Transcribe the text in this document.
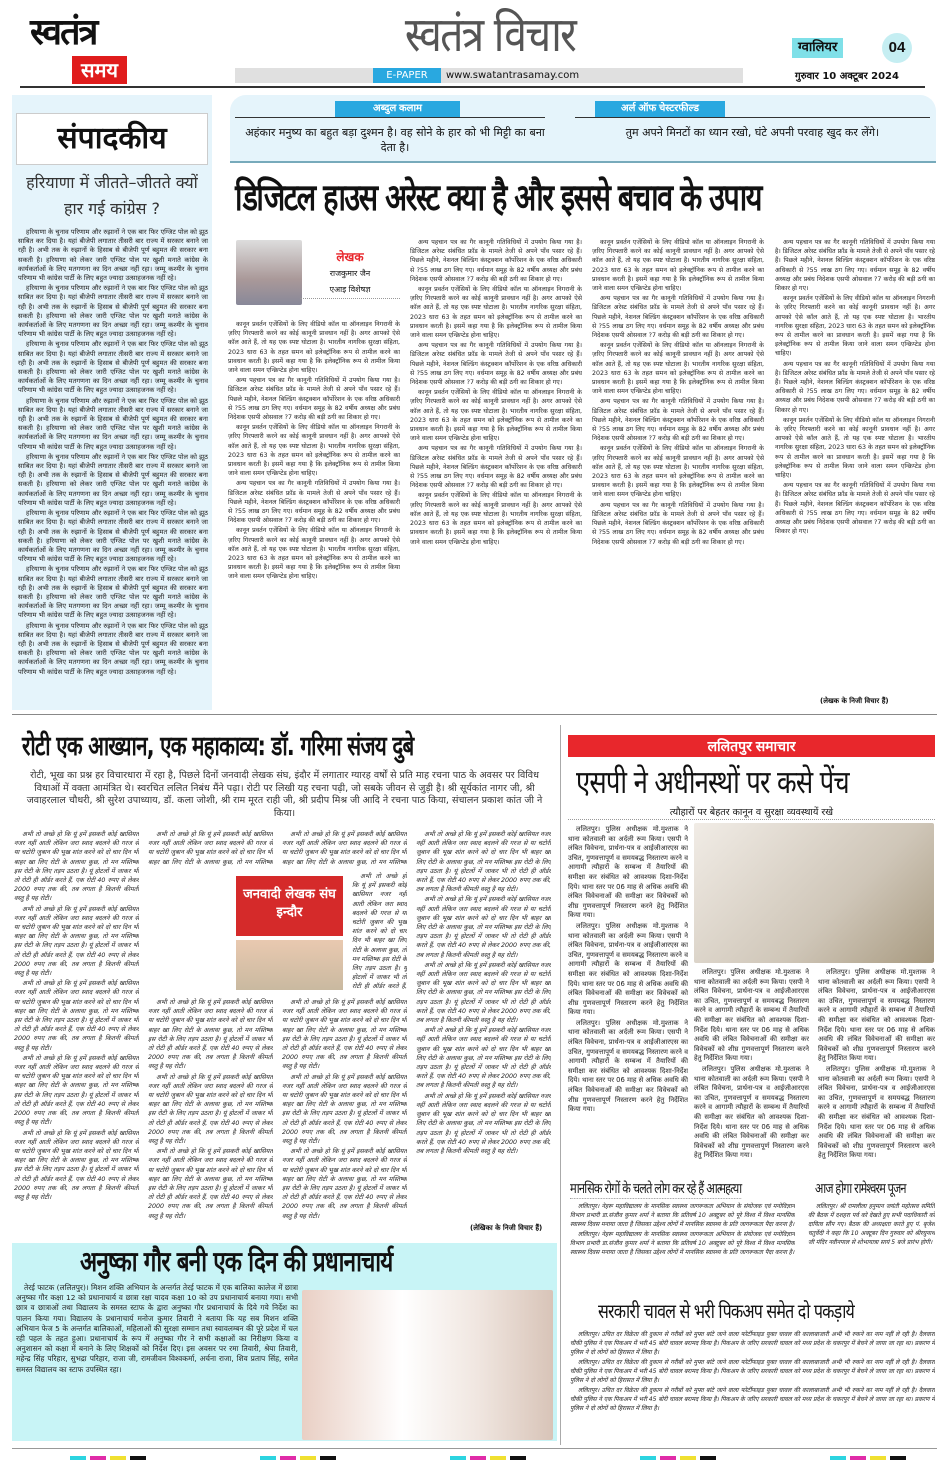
स्वतंत्र
समय
स्वतंत्र विचार
E-PAPER	www.swatantrasamay.com
ग्वालियर	04
गुरुवार 10 अक्टूबर 2024
संपादकीय
हरियाणा में जीतते–जीतते क्यों हार गई कांग्रेस ?

हरियाणा के चुनाव परिणाम और रुझानों ने एक बार फिर एग्जिट पोल को झूठ साबित कर दिया है। यहां बीजेपी लगातार तीसरी बार राज्य में सरकार बनाने जा रही है। अभी तक के रुझानों के हिसाब से बीजेपी पूर्ण बहुमत की सरकार बना सकती है। हरियाणा को लेकर जारी एग्जिट पोल पर खुशी मनाते कांग्रेस के कार्यकर्ताओं के लिए मतगणना का दिन अच्छा नहीं रहा। जम्मू कश्मीर के चुनाव परिणाम भी कांग्रेस पार्टी के लिए बहुत ज्यादा उत्साहजनक नहीं रहे।

हरियाणा के चुनाव परिणाम और रुझानों ने एक बार फिर एग्जिट पोल को झूठ साबित कर दिया है। यहां बीजेपी लगातार तीसरी बार राज्य में सरकार बनाने जा रही है। अभी तक के रुझानों के हिसाब से बीजेपी पूर्ण बहुमत की सरकार बना सकती है। हरियाणा को लेकर जारी एग्जिट पोल पर खुशी मनाते कांग्रेस के कार्यकर्ताओं के लिए मतगणना का दिन अच्छा नहीं रहा। जम्मू कश्मीर के चुनाव परिणाम भी कांग्रेस पार्टी के लिए बहुत ज्यादा उत्साहजनक नहीं रहे।

हरियाणा के चुनाव परिणाम और रुझानों ने एक बार फिर एग्जिट पोल को झूठ साबित कर दिया है। यहां बीजेपी लगातार तीसरी बार राज्य में सरकार बनाने जा रही है। अभी तक के रुझानों के हिसाब से बीजेपी पूर्ण बहुमत की सरकार बना सकती है। हरियाणा को लेकर जारी एग्जिट पोल पर खुशी मनाते कांग्रेस के कार्यकर्ताओं के लिए मतगणना का दिन अच्छा नहीं रहा। जम्मू कश्मीर के चुनाव परिणाम भी कांग्रेस पार्टी के लिए बहुत ज्यादा उत्साहजनक नहीं रहे।

हरियाणा के चुनाव परिणाम और रुझानों ने एक बार फिर एग्जिट पोल को झूठ साबित कर दिया है। यहां बीजेपी लगातार तीसरी बार राज्य में सरकार बनाने जा रही है। अभी तक के रुझानों के हिसाब से बीजेपी पूर्ण बहुमत की सरकार बना सकती है। हरियाणा को लेकर जारी एग्जिट पोल पर खुशी मनाते कांग्रेस के कार्यकर्ताओं के लिए मतगणना का दिन अच्छा नहीं रहा। जम्मू कश्मीर के चुनाव परिणाम भी कांग्रेस पार्टी के लिए बहुत ज्यादा उत्साहजनक नहीं रहे।

हरियाणा के चुनाव परिणाम और रुझानों ने एक बार फिर एग्जिट पोल को झूठ साबित कर दिया है। यहां बीजेपी लगातार तीसरी बार राज्य में सरकार बनाने जा रही है। अभी तक के रुझानों के हिसाब से बीजेपी पूर्ण बहुमत की सरकार बना सकती है। हरियाणा को लेकर जारी एग्जिट पोल पर खुशी मनाते कांग्रेस के कार्यकर्ताओं के लिए मतगणना का दिन अच्छा नहीं रहा। जम्मू कश्मीर के चुनाव परिणाम भी कांग्रेस पार्टी के लिए बहुत ज्यादा उत्साहजनक नहीं रहे।

हरियाणा के चुनाव परिणाम और रुझानों ने एक बार फिर एग्जिट पोल को झूठ साबित कर दिया है। यहां बीजेपी लगातार तीसरी बार राज्य में सरकार बनाने जा रही है। अभी तक के रुझानों के हिसाब से बीजेपी पूर्ण बहुमत की सरकार बना सकती है। हरियाणा को लेकर जारी एग्जिट पोल पर खुशी मनाते कांग्रेस के कार्यकर्ताओं के लिए मतगणना का दिन अच्छा नहीं रहा। जम्मू कश्मीर के चुनाव परिणाम भी कांग्रेस पार्टी के लिए बहुत ज्यादा उत्साहजनक नहीं रहे।

हरियाणा के चुनाव परिणाम और रुझानों ने एक बार फिर एग्जिट पोल को झूठ साबित कर दिया है। यहां बीजेपी लगातार तीसरी बार राज्य में सरकार बनाने जा रही है। अभी तक के रुझानों के हिसाब से बीजेपी पूर्ण बहुमत की सरकार बना सकती है। हरियाणा को लेकर जारी एग्जिट पोल पर खुशी मनाते कांग्रेस के कार्यकर्ताओं के लिए मतगणना का दिन अच्छा नहीं रहा। जम्मू कश्मीर के चुनाव परिणाम भी कांग्रेस पार्टी के लिए बहुत ज्यादा उत्साहजनक नहीं रहे।

हरियाणा के चुनाव परिणाम और रुझानों ने एक बार फिर एग्जिट पोल को झूठ साबित कर दिया है। यहां बीजेपी लगातार तीसरी बार राज्य में सरकार बनाने जा रही है। अभी तक के रुझानों के हिसाब से बीजेपी पूर्ण बहुमत की सरकार बना सकती है। हरियाणा को लेकर जारी एग्जिट पोल पर खुशी मनाते कांग्रेस के कार्यकर्ताओं के लिए मतगणना का दिन अच्छा नहीं रहा। जम्मू कश्मीर के चुनाव परिणाम भी कांग्रेस पार्टी के लिए बहुत ज्यादा उत्साहजनक नहीं रहे।

अब्दुल कलाम
अहंकार मनुष्य का बहुत बड़ा दुश्मन है। वह सोने के हार को भी मिट्टी का बना देता है।
अर्ल ऑफ चेस्टरफील्ड
तुम अपने मिनटों का ध्यान रखो, घंटे अपनी परवाह खुद कर लेंगे।
डिजिटल हाउस अरेस्ट क्या है और इससे बचाव के उपाय
लेखक
राजकुमार जैन
एआइ विशेषज्ञ

कानून प्रवर्तन एजेंसियों के लिए वीडियो कॉल या ऑनलाइन निगरानी के ज़रिए गिरफ्तारी करने का कोई कानूनी प्रावधान नहीं है। अगर आपको ऐसे कॉल आते हैं, तो यह एक स्पष्ट घोटाला है। भारतीय नागरिक सुरक्षा संहिता, 2023 धारा 63 के तहत समन को इलेक्ट्रॉनिक रूप से तामील करने का प्रावधान करती है। इसमें कहा गया है कि इलेक्ट्रॉनिक रूप से तामील किया जाने वाला समन एन्क्रिप्टेड होना चाहिए।

अन्य पहचान पत्र का गैर कानूनी गतिविधियों में उपयोग किया गया है। डिजिटल अरेस्ट संबंधित फ्रॉड के मामले तेजी से अपने पाँव पसार रहे हैं। पिछले महीने, नेशनल बिल्डिंग कंस्ट्रक्शन कॉर्पोरेशन के एक वरिष्ठ अधिकारी से ?55 लाख ठग लिए गए। वर्धमान समूह के 82 वर्षीय अध्यक्ष और प्रबंध निदेशक एसपी ओसवाल ?7 करोड़ की बड़ी ठगी का शिकार हो गए।

कानून प्रवर्तन एजेंसियों के लिए वीडियो कॉल या ऑनलाइन निगरानी के ज़रिए गिरफ्तारी करने का कोई कानूनी प्रावधान नहीं है। अगर आपको ऐसे कॉल आते हैं, तो यह एक स्पष्ट घोटाला है। भारतीय नागरिक सुरक्षा संहिता, 2023 धारा 63 के तहत समन को इलेक्ट्रॉनिक रूप से तामील करने का प्रावधान करती है। इसमें कहा गया है कि इलेक्ट्रॉनिक रूप से तामील किया जाने वाला समन एन्क्रिप्टेड होना चाहिए।

अन्य पहचान पत्र का गैर कानूनी गतिविधियों में उपयोग किया गया है। डिजिटल अरेस्ट संबंधित फ्रॉड के मामले तेजी से अपने पाँव पसार रहे हैं। पिछले महीने, नेशनल बिल्डिंग कंस्ट्रक्शन कॉर्पोरेशन के एक वरिष्ठ अधिकारी से ?55 लाख ठग लिए गए। वर्धमान समूह के 82 वर्षीय अध्यक्ष और प्रबंध निदेशक एसपी ओसवाल ?7 करोड़ की बड़ी ठगी का शिकार हो गए।

कानून प्रवर्तन एजेंसियों के लिए वीडियो कॉल या ऑनलाइन निगरानी के ज़रिए गिरफ्तारी करने का कोई कानूनी प्रावधान नहीं है। अगर आपको ऐसे कॉल आते हैं, तो यह एक स्पष्ट घोटाला है। भारतीय नागरिक सुरक्षा संहिता, 2023 धारा 63 के तहत समन को इलेक्ट्रॉनिक रूप से तामील करने का प्रावधान करती है। इसमें कहा गया है कि इलेक्ट्रॉनिक रूप से तामील किया जाने वाला समन एन्क्रिप्टेड होना चाहिए।

अन्य पहचान पत्र का गैर कानूनी गतिविधियों में उपयोग किया गया है। डिजिटल अरेस्ट संबंधित फ्रॉड के मामले तेजी से अपने पाँव पसार रहे हैं। पिछले महीने, नेशनल बिल्डिंग कंस्ट्रक्शन कॉर्पोरेशन के एक वरिष्ठ अधिकारी से ?55 लाख ठग लिए गए। वर्धमान समूह के 82 वर्षीय अध्यक्ष और प्रबंध निदेशक एसपी ओसवाल ?7 करोड़ की बड़ी ठगी का शिकार हो गए।

कानून प्रवर्तन एजेंसियों के लिए वीडियो कॉल या ऑनलाइन निगरानी के ज़रिए गिरफ्तारी करने का कोई कानूनी प्रावधान नहीं है। अगर आपको ऐसे कॉल आते हैं, तो यह एक स्पष्ट घोटाला है। भारतीय नागरिक सुरक्षा संहिता, 2023 धारा 63 के तहत समन को इलेक्ट्रॉनिक रूप से तामील करने का प्रावधान करती है। इसमें कहा गया है कि इलेक्ट्रॉनिक रूप से तामील किया जाने वाला समन एन्क्रिप्टेड होना चाहिए।

अन्य पहचान पत्र का गैर कानूनी गतिविधियों में उपयोग किया गया है। डिजिटल अरेस्ट संबंधित फ्रॉड के मामले तेजी से अपने पाँव पसार रहे हैं। पिछले महीने, नेशनल बिल्डिंग कंस्ट्रक्शन कॉर्पोरेशन के एक वरिष्ठ अधिकारी से ?55 लाख ठग लिए गए। वर्धमान समूह के 82 वर्षीय अध्यक्ष और प्रबंध निदेशक एसपी ओसवाल ?7 करोड़ की बड़ी ठगी का शिकार हो गए।

कानून प्रवर्तन एजेंसियों के लिए वीडियो कॉल या ऑनलाइन निगरानी के ज़रिए गिरफ्तारी करने का कोई कानूनी प्रावधान नहीं है। अगर आपको ऐसे कॉल आते हैं, तो यह एक स्पष्ट घोटाला है। भारतीय नागरिक सुरक्षा संहिता, 2023 धारा 63 के तहत समन को इलेक्ट्रॉनिक रूप से तामील करने का प्रावधान करती है। इसमें कहा गया है कि इलेक्ट्रॉनिक रूप से तामील किया जाने वाला समन एन्क्रिप्टेड होना चाहिए।

अन्य पहचान पत्र का गैर कानूनी गतिविधियों में उपयोग किया गया है। डिजिटल अरेस्ट संबंधित फ्रॉड के मामले तेजी से अपने पाँव पसार रहे हैं। पिछले महीने, नेशनल बिल्डिंग कंस्ट्रक्शन कॉर्पोरेशन के एक वरिष्ठ अधिकारी से ?55 लाख ठग लिए गए। वर्धमान समूह के 82 वर्षीय अध्यक्ष और प्रबंध निदेशक एसपी ओसवाल ?7 करोड़ की बड़ी ठगी का शिकार हो गए।

कानून प्रवर्तन एजेंसियों के लिए वीडियो कॉल या ऑनलाइन निगरानी के ज़रिए गिरफ्तारी करने का कोई कानूनी प्रावधान नहीं है। अगर आपको ऐसे कॉल आते हैं, तो यह एक स्पष्ट घोटाला है। भारतीय नागरिक सुरक्षा संहिता, 2023 धारा 63 के तहत समन को इलेक्ट्रॉनिक रूप से तामील करने का प्रावधान करती है। इसमें कहा गया है कि इलेक्ट्रॉनिक रूप से तामील किया जाने वाला समन एन्क्रिप्टेड होना चाहिए।

कानून प्रवर्तन एजेंसियों के लिए वीडियो कॉल या ऑनलाइन निगरानी के ज़रिए गिरफ्तारी करने का कोई कानूनी प्रावधान नहीं है। अगर आपको ऐसे कॉल आते हैं, तो यह एक स्पष्ट घोटाला है। भारतीय नागरिक सुरक्षा संहिता, 2023 धारा 63 के तहत समन को इलेक्ट्रॉनिक रूप से तामील करने का प्रावधान करती है। इसमें कहा गया है कि इलेक्ट्रॉनिक रूप से तामील किया जाने वाला समन एन्क्रिप्टेड होना चाहिए।

अन्य पहचान पत्र का गैर कानूनी गतिविधियों में उपयोग किया गया है। डिजिटल अरेस्ट संबंधित फ्रॉड के मामले तेजी से अपने पाँव पसार रहे हैं। पिछले महीने, नेशनल बिल्डिंग कंस्ट्रक्शन कॉर्पोरेशन के एक वरिष्ठ अधिकारी से ?55 लाख ठग लिए गए। वर्धमान समूह के 82 वर्षीय अध्यक्ष और प्रबंध निदेशक एसपी ओसवाल ?7 करोड़ की बड़ी ठगी का शिकार हो गए।

कानून प्रवर्तन एजेंसियों के लिए वीडियो कॉल या ऑनलाइन निगरानी के ज़रिए गिरफ्तारी करने का कोई कानूनी प्रावधान नहीं है। अगर आपको ऐसे कॉल आते हैं, तो यह एक स्पष्ट घोटाला है। भारतीय नागरिक सुरक्षा संहिता, 2023 धारा 63 के तहत समन को इलेक्ट्रॉनिक रूप से तामील करने का प्रावधान करती है। इसमें कहा गया है कि इलेक्ट्रॉनिक रूप से तामील किया जाने वाला समन एन्क्रिप्टेड होना चाहिए।

अन्य पहचान पत्र का गैर कानूनी गतिविधियों में उपयोग किया गया है। डिजिटल अरेस्ट संबंधित फ्रॉड के मामले तेजी से अपने पाँव पसार रहे हैं। पिछले महीने, नेशनल बिल्डिंग कंस्ट्रक्शन कॉर्पोरेशन के एक वरिष्ठ अधिकारी से ?55 लाख ठग लिए गए। वर्धमान समूह के 82 वर्षीय अध्यक्ष और प्रबंध निदेशक एसपी ओसवाल ?7 करोड़ की बड़ी ठगी का शिकार हो गए।

कानून प्रवर्तन एजेंसियों के लिए वीडियो कॉल या ऑनलाइन निगरानी के ज़रिए गिरफ्तारी करने का कोई कानूनी प्रावधान नहीं है। अगर आपको ऐसे कॉल आते हैं, तो यह एक स्पष्ट घोटाला है। भारतीय नागरिक सुरक्षा संहिता, 2023 धारा 63 के तहत समन को इलेक्ट्रॉनिक रूप से तामील करने का प्रावधान करती है। इसमें कहा गया है कि इलेक्ट्रॉनिक रूप से तामील किया जाने वाला समन एन्क्रिप्टेड होना चाहिए।

अन्य पहचान पत्र का गैर कानूनी गतिविधियों में उपयोग किया गया है। डिजिटल अरेस्ट संबंधित फ्रॉड के मामले तेजी से अपने पाँव पसार रहे हैं। पिछले महीने, नेशनल बिल्डिंग कंस्ट्रक्शन कॉर्पोरेशन के एक वरिष्ठ अधिकारी से ?55 लाख ठग लिए गए। वर्धमान समूह के 82 वर्षीय अध्यक्ष और प्रबंध निदेशक एसपी ओसवाल ?7 करोड़ की बड़ी ठगी का शिकार हो गए।

अन्य पहचान पत्र का गैर कानूनी गतिविधियों में उपयोग किया गया है। डिजिटल अरेस्ट संबंधित फ्रॉड के मामले तेजी से अपने पाँव पसार रहे हैं। पिछले महीने, नेशनल बिल्डिंग कंस्ट्रक्शन कॉर्पोरेशन के एक वरिष्ठ अधिकारी से ?55 लाख ठग लिए गए। वर्धमान समूह के 82 वर्षीय अध्यक्ष और प्रबंध निदेशक एसपी ओसवाल ?7 करोड़ की बड़ी ठगी का शिकार हो गए।

कानून प्रवर्तन एजेंसियों के लिए वीडियो कॉल या ऑनलाइन निगरानी के ज़रिए गिरफ्तारी करने का कोई कानूनी प्रावधान नहीं है। अगर आपको ऐसे कॉल आते हैं, तो यह एक स्पष्ट घोटाला है। भारतीय नागरिक सुरक्षा संहिता, 2023 धारा 63 के तहत समन को इलेक्ट्रॉनिक रूप से तामील करने का प्रावधान करती है। इसमें कहा गया है कि इलेक्ट्रॉनिक रूप से तामील किया जाने वाला समन एन्क्रिप्टेड होना चाहिए।

अन्य पहचान पत्र का गैर कानूनी गतिविधियों में उपयोग किया गया है। डिजिटल अरेस्ट संबंधित फ्रॉड के मामले तेजी से अपने पाँव पसार रहे हैं। पिछले महीने, नेशनल बिल्डिंग कंस्ट्रक्शन कॉर्पोरेशन के एक वरिष्ठ अधिकारी से ?55 लाख ठग लिए गए। वर्धमान समूह के 82 वर्षीय अध्यक्ष और प्रबंध निदेशक एसपी ओसवाल ?7 करोड़ की बड़ी ठगी का शिकार हो गए।

कानून प्रवर्तन एजेंसियों के लिए वीडियो कॉल या ऑनलाइन निगरानी के ज़रिए गिरफ्तारी करने का कोई कानूनी प्रावधान नहीं है। अगर आपको ऐसे कॉल आते हैं, तो यह एक स्पष्ट घोटाला है। भारतीय नागरिक सुरक्षा संहिता, 2023 धारा 63 के तहत समन को इलेक्ट्रॉनिक रूप से तामील करने का प्रावधान करती है। इसमें कहा गया है कि इलेक्ट्रॉनिक रूप से तामील किया जाने वाला समन एन्क्रिप्टेड होना चाहिए।

अन्य पहचान पत्र का गैर कानूनी गतिविधियों में उपयोग किया गया है। डिजिटल अरेस्ट संबंधित फ्रॉड के मामले तेजी से अपने पाँव पसार रहे हैं। पिछले महीने, नेशनल बिल्डिंग कंस्ट्रक्शन कॉर्पोरेशन के एक वरिष्ठ अधिकारी से ?55 लाख ठग लिए गए। वर्धमान समूह के 82 वर्षीय अध्यक्ष और प्रबंध निदेशक एसपी ओसवाल ?7 करोड़ की बड़ी ठगी का शिकार हो गए।

(लेखक के निजी विचार हैं)
रोटी एक आख्यान, एक महाकाव्य: डॉ. गरिमा संजय दुबे
रोटी, भूख का प्रश्न हर विचारधारा में रहा है, पिछले दिनों जनवादी लेखक संघ, इंदौर में लगातार ग्यारह वर्षों से प्रति माह रचना पाठ के अवसर पर विविध विधाओं में वक्ता आमंत्रित थे। स्वरचित ललित निबंध मैंने पढ़ा। रोटी पर लिखी यह रचना पढ़ी, जो सबके जीवन से जुड़ी है। श्री सूर्यकांत नागर जी, श्री जवाहरलाल चौधरी, श्री सुरेश उपाध्याय, डॉ. कला जोशी, श्री राम मूरत राही जी, श्री प्रदीप मिश्र जी आदि ने रचना पाठ किया, संचालन प्रकाश कांत जी ने किया।

अभी तो अच्छे हो कि यूं हमें इसकरी कोई खासियत नजर नहीं आती लेकिन जरा स्वाद बदलने की गरज से या चटोरी जुबान की भूख शांत करने को दो चार दिन भी बाहर खा लिए रोटी के अलावा कुछ, तो मन मस्तिष्क इस रोटी के लिए तड़प उठता है। यूं होटलों में जाकर भी तो रोटी ही ऑर्डर करते हैं, एक रोटी 40 रुपए से लेकर 2000 रुपए तक की, तब लगता है कितनी कीमती वस्तु है यह रोटी।

अभी तो अच्छे हो कि यूं हमें इसकरी कोई खासियत नजर नहीं आती लेकिन जरा स्वाद बदलने की गरज से या चटोरी जुबान की भूख शांत करने को दो चार दिन भी बाहर खा लिए रोटी के अलावा कुछ, तो मन मस्तिष्क इस रोटी के लिए तड़प उठता है। यूं होटलों में जाकर भी तो रोटी ही ऑर्डर करते हैं, एक रोटी 40 रुपए से लेकर 2000 रुपए तक की, तब लगता है कितनी कीमती वस्तु है यह रोटी।

अभी तो अच्छे हो कि यूं हमें इसकरी कोई खासियत नजर नहीं आती लेकिन जरा स्वाद बदलने की गरज से या चटोरी जुबान की भूख शांत करने को दो चार दिन भी बाहर खा लिए रोटी के अलावा कुछ, तो मन मस्तिष्क इस रोटी के लिए तड़प उठता है। यूं होटलों में जाकर भी तो रोटी ही ऑर्डर करते हैं, एक रोटी 40 रुपए से लेकर 2000 रुपए तक की, तब लगता है कितनी कीमती वस्तु है यह रोटी।

अभी तो अच्छे हो कि यूं हमें इसकरी कोई खासियत नजर नहीं आती लेकिन जरा स्वाद बदलने की गरज से या चटोरी जुबान की भूख शांत करने को दो चार दिन भी बाहर खा लिए रोटी के अलावा कुछ, तो मन मस्तिष्क इस रोटी के लिए तड़प उठता है। यूं होटलों में जाकर भी तो रोटी ही ऑर्डर करते हैं, एक रोटी 40 रुपए से लेकर 2000 रुपए तक की, तब लगता है कितनी कीमती वस्तु है यह रोटी।

अभी तो अच्छे हो कि यूं हमें इसकरी कोई खासियत नजर नहीं आती लेकिन जरा स्वाद बदलने की गरज से या चटोरी जुबान की भूख शांत करने को दो चार दिन भी बाहर खा लिए रोटी के अलावा कुछ, तो मन मस्तिष्क इस रोटी के लिए तड़प उठता है। यूं होटलों में जाकर भी तो रोटी ही ऑर्डर करते हैं, एक रोटी 40 रुपए से लेकर 2000 रुपए तक की, तब लगता है कितनी कीमती वस्तु है यह रोटी।

अभी तो अच्छे हो कि यूं हमें इसकरी कोई खासियत नजर नहीं आती लेकिन जरा स्वाद बदलने की गरज से या चटोरी जुबान की भूख शांत करने को दो चार दिन भी बाहर खा लिए रोटी के अलावा कुछ, तो मन मस्तिष्क

अभी तो अच्छे हो कि यूं हमें इसकरी कोई खासियत नजर नहीं आती लेकिन जरा स्वाद बदलने की गरज से या चटोरी जुबान की भूख शांत करने को दो चार दिन भी बाहर खा लिए रोटी के अलावा कुछ, तो मन मस्तिष्क इस रोटी के लिए तड़प उठता है। यूं होटलों में जाकर भी तो रोटी ही ऑर्डर करते हैं, एक रोटी 40 रुपए से लेकर 2000 रुपए तक की, तब लगता है कितनी कीमती वस्तु है यह रोटी।

अभी तो अच्छे हो कि यूं हमें इसकरी कोई खासियत नजर नहीं आती लेकिन जरा स्वाद बदलने की गरज से या चटोरी जुबान की भूख शांत करने को दो चार दिन भी बाहर खा लिए रोटी के अलावा कुछ, तो मन मस्तिष्क इस रोटी के लिए तड़प उठता है। यूं होटलों में जाकर भी तो रोटी ही ऑर्डर करते हैं, एक रोटी 40 रुपए से लेकर 2000 रुपए तक की, तब लगता है कितनी कीमती वस्तु है यह रोटी।

अभी तो अच्छे हो कि यूं हमें इसकरी कोई खासियत नजर नहीं आती लेकिन जरा स्वाद बदलने की गरज से या चटोरी जुबान की भूख शांत करने को दो चार दिन भी बाहर खा लिए रोटी के अलावा कुछ, तो मन मस्तिष्क इस रोटी के लिए तड़प उठता है। यूं होटलों में जाकर भी तो रोटी ही ऑर्डर करते हैं, एक रोटी 40 रुपए से लेकर 2000 रुपए तक की, तब लगता है कितनी कीमती वस्तु है यह रोटी।

अभी तो अच्छे हो कि यूं हमें इसकरी कोई खासियत नजर नहीं आती लेकिन जरा स्वाद बदलने की गरज से या चटोरी जुबान की भूख शांत करने को दो चार दिन भी बाहर खा लिए रोटी के अलावा कुछ, तो मन मस्तिष्क

अभी तो अच्छे हो कि यूं हमें इसकरी कोई खासियत नजर नहीं आती लेकिन जरा स्वाद बदलने की गरज से या चटोरी जुबान की भूख शांत करने को दो चार दिन भी बाहर खा लिए रोटी के अलावा कुछ, तो मन मस्तिष्क इस रोटी के लिए तड़प उठता है। यूं होटलों में जाकर भी तो रोटी ही ऑर्डर करते हैं,

अभी तो अच्छे हो कि यूं हमें इसकरी कोई खासियत नजर नहीं आती लेकिन जरा स्वाद बदलने की गरज से या चटोरी जुबान की भूख शांत करने को दो चार दिन भी बाहर खा लिए रोटी के अलावा कुछ, तो मन मस्तिष्क इस रोटी के लिए तड़प उठता है। यूं होटलों में जाकर भी तो रोटी ही ऑर्डर करते हैं, एक रोटी 40 रुपए से लेकर 2000 रुपए तक की, तब लगता है कितनी कीमती वस्तु है यह रोटी।

अभी तो अच्छे हो कि यूं हमें इसकरी कोई खासियत नजर नहीं आती लेकिन जरा स्वाद बदलने की गरज से या चटोरी जुबान की भूख शांत करने को दो चार दिन भी बाहर खा लिए रोटी के अलावा कुछ, तो मन मस्तिष्क इस रोटी के लिए तड़प उठता है। यूं होटलों में जाकर भी तो रोटी ही ऑर्डर करते हैं, एक रोटी 40 रुपए से लेकर 2000 रुपए तक की, तब लगता है कितनी कीमती वस्तु है यह रोटी।

अभी तो अच्छे हो कि यूं हमें इसकरी कोई खासियत नजर नहीं आती लेकिन जरा स्वाद बदलने की गरज से या चटोरी जुबान की भूख शांत करने को दो चार दिन भी बाहर खा लिए रोटी के अलावा कुछ, तो मन मस्तिष्क इस रोटी के लिए तड़प उठता है। यूं होटलों में जाकर भी तो रोटी ही ऑर्डर करते हैं, एक रोटी 40 रुपए से लेकर 2000 रुपए तक की, तब लगता है कितनी कीमती वस्तु है यह रोटी।

अभी तो अच्छे हो कि यूं हमें इसकरी कोई खासियत नजर नहीं आती लेकिन जरा स्वाद बदलने की गरज से या चटोरी जुबान की भूख शांत करने को दो चार दिन भी बाहर खा लिए रोटी के अलावा कुछ, तो मन मस्तिष्क इस रोटी के लिए तड़प उठता है। यूं होटलों में जाकर भी तो रोटी ही ऑर्डर करते हैं, एक रोटी 40 रुपए से लेकर 2000 रुपए तक की, तब लगता है कितनी कीमती वस्तु है यह रोटी।

अभी तो अच्छे हो कि यूं हमें इसकरी कोई खासियत नजर नहीं आती लेकिन जरा स्वाद बदलने की गरज से या चटोरी जुबान की भूख शांत करने को दो चार दिन भी बाहर खा लिए रोटी के अलावा कुछ, तो मन मस्तिष्क इस रोटी के लिए तड़प उठता है। यूं होटलों में जाकर भी तो रोटी ही ऑर्डर करते हैं, एक रोटी 40 रुपए से लेकर 2000 रुपए तक की, तब लगता है कितनी कीमती वस्तु है यह रोटी।

अभी तो अच्छे हो कि यूं हमें इसकरी कोई खासियत नजर नहीं आती लेकिन जरा स्वाद बदलने की गरज से या चटोरी जुबान की भूख शांत करने को दो चार दिन भी बाहर खा लिए रोटी के अलावा कुछ, तो मन मस्तिष्क इस रोटी के लिए तड़प उठता है। यूं होटलों में जाकर भी तो रोटी ही ऑर्डर करते हैं, एक रोटी 40 रुपए से लेकर 2000 रुपए तक की, तब लगता है कितनी कीमती वस्तु है यह रोटी।

अभी तो अच्छे हो कि यूं हमें इसकरी कोई खासियत नजर नहीं आती लेकिन जरा स्वाद बदलने की गरज से या चटोरी जुबान की भूख शांत करने को दो चार दिन भी बाहर खा लिए रोटी के अलावा कुछ, तो मन मस्तिष्क इस रोटी के लिए तड़प उठता है। यूं होटलों में जाकर भी तो रोटी ही ऑर्डर करते हैं, एक रोटी 40 रुपए से लेकर 2000 रुपए तक की, तब लगता है कितनी कीमती वस्तु है यह रोटी।

अभी तो अच्छे हो कि यूं हमें इसकरी कोई खासियत नजर नहीं आती लेकिन जरा स्वाद बदलने की गरज से या चटोरी जुबान की भूख शांत करने को दो चार दिन भी बाहर खा लिए रोटी के अलावा कुछ, तो मन मस्तिष्क इस रोटी के लिए तड़प उठता है। यूं होटलों में जाकर भी तो रोटी ही ऑर्डर करते हैं, एक रोटी 40 रुपए से लेकर 2000 रुपए तक की, तब लगता है कितनी कीमती वस्तु है यह रोटी।

जनवादी लेखक संघ इन्दौर
(लेखिका के निजी विचार हैं)
ललितपुर समाचार
एसपी ने अधीनस्थों पर कसे पेंच
त्यौहारों पर बेहतर कानून व सुरक्षा व्यवस्थायें रखे

ललितपुर। पुलिस अधीक्षक मो.मुश्ताक ने थाना कोतवाली का अर्दली रूम किया। एसपी ने लंबित विवेचना, प्रार्थना-पत्र व आईजीआरएस का उचित, गुणवत्तापूर्ण व समयबद्ध निस्तारण करने व आगामी त्यौहारों के सम्बन्ध में तैयारियों की समीक्षा कर संबंधित को आवश्यक दिशा-निर्देश दिये। थाना स्तर पर 06 माह से अधिक अवधि की लंबित विवेचनाओं की समीक्षा कर विवेचकों को शीघ्र गुणवत्तापूर्ण निस्तारण करने हेतु निर्देशित किया गया।

ललितपुर। पुलिस अधीक्षक मो.मुश्ताक ने थाना कोतवाली का अर्दली रूम किया। एसपी ने लंबित विवेचना, प्रार्थना-पत्र व आईजीआरएस का उचित, गुणवत्तापूर्ण व समयबद्ध निस्तारण करने व आगामी त्यौहारों के सम्बन्ध में तैयारियों की समीक्षा कर संबंधित को आवश्यक दिशा-निर्देश दिये। थाना स्तर पर 06 माह से अधिक अवधि की लंबित विवेचनाओं की समीक्षा कर विवेचकों को शीघ्र गुणवत्तापूर्ण निस्तारण करने हेतु निर्देशित किया गया।

ललितपुर। पुलिस अधीक्षक मो.मुश्ताक ने थाना कोतवाली का अर्दली रूम किया। एसपी ने लंबित विवेचना, प्रार्थना-पत्र व आईजीआरएस का उचित, गुणवत्तापूर्ण व समयबद्ध निस्तारण करने व आगामी त्यौहारों के सम्बन्ध में तैयारियों की समीक्षा कर संबंधित को आवश्यक दिशा-निर्देश दिये। थाना स्तर पर 06 माह से अधिक अवधि की लंबित विवेचनाओं की समीक्षा कर विवेचकों को शीघ्र गुणवत्तापूर्ण निस्तारण करने हेतु निर्देशित किया गया।

ललितपुर। पुलिस अधीक्षक मो.मुश्ताक ने थाना कोतवाली का अर्दली रूम किया। एसपी ने लंबित विवेचना, प्रार्थना-पत्र व आईजीआरएस का उचित, गुणवत्तापूर्ण व समयबद्ध निस्तारण करने व आगामी त्यौहारों के सम्बन्ध में तैयारियों की समीक्षा कर संबंधित को आवश्यक दिशा-निर्देश दिये। थाना स्तर पर 06 माह से अधिक अवधि की लंबित विवेचनाओं की समीक्षा कर विवेचकों को शीघ्र गुणवत्तापूर्ण निस्तारण करने हेतु निर्देशित किया गया।

ललितपुर। पुलिस अधीक्षक मो.मुश्ताक ने थाना कोतवाली का अर्दली रूम किया। एसपी ने लंबित विवेचना, प्रार्थना-पत्र व आईजीआरएस का उचित, गुणवत्तापूर्ण व समयबद्ध निस्तारण करने व आगामी त्यौहारों के सम्बन्ध में तैयारियों की समीक्षा कर संबंधित को आवश्यक दिशा-निर्देश दिये। थाना स्तर पर 06 माह से अधिक अवधि की लंबित विवेचनाओं की समीक्षा कर विवेचकों को शीघ्र गुणवत्तापूर्ण निस्तारण करने हेतु निर्देशित किया गया।

ललितपुर। पुलिस अधीक्षक मो.मुश्ताक ने थाना कोतवाली का अर्दली रूम किया। एसपी ने लंबित विवेचना, प्रार्थना-पत्र व आईजीआरएस का उचित, गुणवत्तापूर्ण व समयबद्ध निस्तारण करने व आगामी त्यौहारों के सम्बन्ध में तैयारियों की समीक्षा कर संबंधित को आवश्यक दिशा-निर्देश दिये। थाना स्तर पर 06 माह से अधिक अवधि की लंबित विवेचनाओं की समीक्षा कर विवेचकों को शीघ्र गुणवत्तापूर्ण निस्तारण करने हेतु निर्देशित किया गया।

ललितपुर। पुलिस अधीक्षक मो.मुश्ताक ने थाना कोतवाली का अर्दली रूम किया। एसपी ने लंबित विवेचना, प्रार्थना-पत्र व आईजीआरएस का उचित, गुणवत्तापूर्ण व समयबद्ध निस्तारण करने व आगामी त्यौहारों के सम्बन्ध में तैयारियों की समीक्षा कर संबंधित को आवश्यक दिशा-निर्देश दिये। थाना स्तर पर 06 माह से अधिक अवधि की लंबित विवेचनाओं की समीक्षा कर विवेचकों को शीघ्र गुणवत्तापूर्ण निस्तारण करने हेतु निर्देशित किया गया।

मानसिक रोगों के चलते लोग कर रहे हैं आत्महत्या

ललितपुर। नेहरू महाविद्यालय के मानसिक स्वास्थ्य जागरूकता अभियान के संयोजक एवं मनोविज्ञान विभाग प्रभारी डा.संजीव कुमार शर्मा ने बताया कि प्रतिवर्ष 10 अक्टूबर को पूरे विश्व में विश्व मानसिक स्वास्थ्य दिवस मनाया जाता है जिसका उद्देश्य लोगों में मानसिक स्वास्थ्य के प्रति जागरूकता पैदा करना है।

ललितपुर। नेहरू महाविद्यालय के मानसिक स्वास्थ्य जागरूकता अभियान के संयोजक एवं मनोविज्ञान विभाग प्रभारी डा.संजीव कुमार शर्मा ने बताया कि प्रतिवर्ष 10 अक्टूबर को पूरे विश्व में विश्व मानसिक स्वास्थ्य दिवस मनाया जाता है जिसका उद्देश्य लोगों में मानसिक स्वास्थ्य के प्रति जागरूकता पैदा करना है।

आज होगा रामेश्वरम पूजन

ललितपुर। श्री रामलीला हनुमान जयंती महोत्सव समिति की बैठक में दशहरा पर्व को देखते हुए सभी पदाधिकारी को दायित्व सौंप गए। बैठक की अध्यक्षता करते हुए पं. बृजेश चतुर्वेदी ने कहा कि 10 अक्टूबर दिन गुरुवार को श्रीरघुनाथ जी मंदिर नवीनपाल से शोभायात्रा सायं 5 बजे प्रारंभ होगी।

सरकारी चावल से भरी पिकअप समेत दो पकड़ाये

ललितपुर। उचित दर विक्रेता की दुकान से गरीबों को मुफ्त बांटे जाने वाला फोर्टीफाइड युक्त चावल की कालाबाजारी अभी भी रुकने का नाम नहीं ले रही है। दैलवारा चौकी पुलिस ने एक पिकअप में भरी 45 बोरी चावल बरामद किया है। पिकअप के जरिए सरकारी चावल को मध्य प्रदेश के चकरपुर में बेचने ले जाया जा रहा था। प्रकरण में पुलिस ने दो लोगों को हिरासत में लिया है।

ललितपुर। उचित दर विक्रेता की दुकान से गरीबों को मुफ्त बांटे जाने वाला फोर्टीफाइड युक्त चावल की कालाबाजारी अभी भी रुकने का नाम नहीं ले रही है। दैलवारा चौकी पुलिस ने एक पिकअप में भरी 45 बोरी चावल बरामद किया है। पिकअप के जरिए सरकारी चावल को मध्य प्रदेश के चकरपुर में बेचने ले जाया जा रहा था। प्रकरण में पुलिस ने दो लोगों को हिरासत में लिया है।

ललितपुर। उचित दर विक्रेता की दुकान से गरीबों को मुफ्त बांटे जाने वाला फोर्टीफाइड युक्त चावल की कालाबाजारी अभी भी रुकने का नाम नहीं ले रही है। दैलवारा चौकी पुलिस ने एक पिकअप में भरी 45 बोरी चावल बरामद किया है। पिकअप के जरिए सरकारी चावल को मध्य प्रदेश के चकरपुर में बेचने ले जाया जा रहा था। प्रकरण में पुलिस ने दो लोगों को हिरासत में लिया है।

अनुष्का गौर बनी एक दिन की प्रधानाचार्य

तेरई फाटक (ललितपुर)। मिशन शक्ति अभियान के अन्तर्गत तेरई फाटक में एक बालिका कालेज में छात्रा अनुष्का गौर कक्षा 12 को प्रधानाचार्य व छात्रा रक्षा यादव कक्षा 10 को उप प्रधानाचार्य बनाया गया। सभी छात्र व छात्राओं तथा विद्यालय के समस्त स्टाफ के द्वारा अनुष्का गौर प्रधानाचार्य के दिये गये निर्देश का पालन किया गया। विद्यालय के प्रधानाचार्य मनोज कुमार तिवारी ने बताया कि यह सब मिशन शक्ति अभियान फेज 5 के अन्तर्गत बालिकाओं, महिलाओं की सुरक्षा सम्मान तथा स्वावलम्बन की पूरे प्रदेश में चल रही पहल के तहत हुआ। प्रधानाचार्य के रूप में अनुष्का गौर ने सभी कक्षाओं का निरीक्षण किया व अनुशासन को कक्षा में बनाने के लिए शिक्षकों को निर्देश दिए। इस अवसर पर रमा तिवारी, श्रेया तिवारी, महेन्द्र सिंह परिहार, सुभद्रा परिहार, राजा जी, रामजीवन विश्वकर्मा, अर्चना राजा, शिव प्रताप सिंह, समेत समस्त विद्यालय का स्टाफ उपस्थित रहा।
